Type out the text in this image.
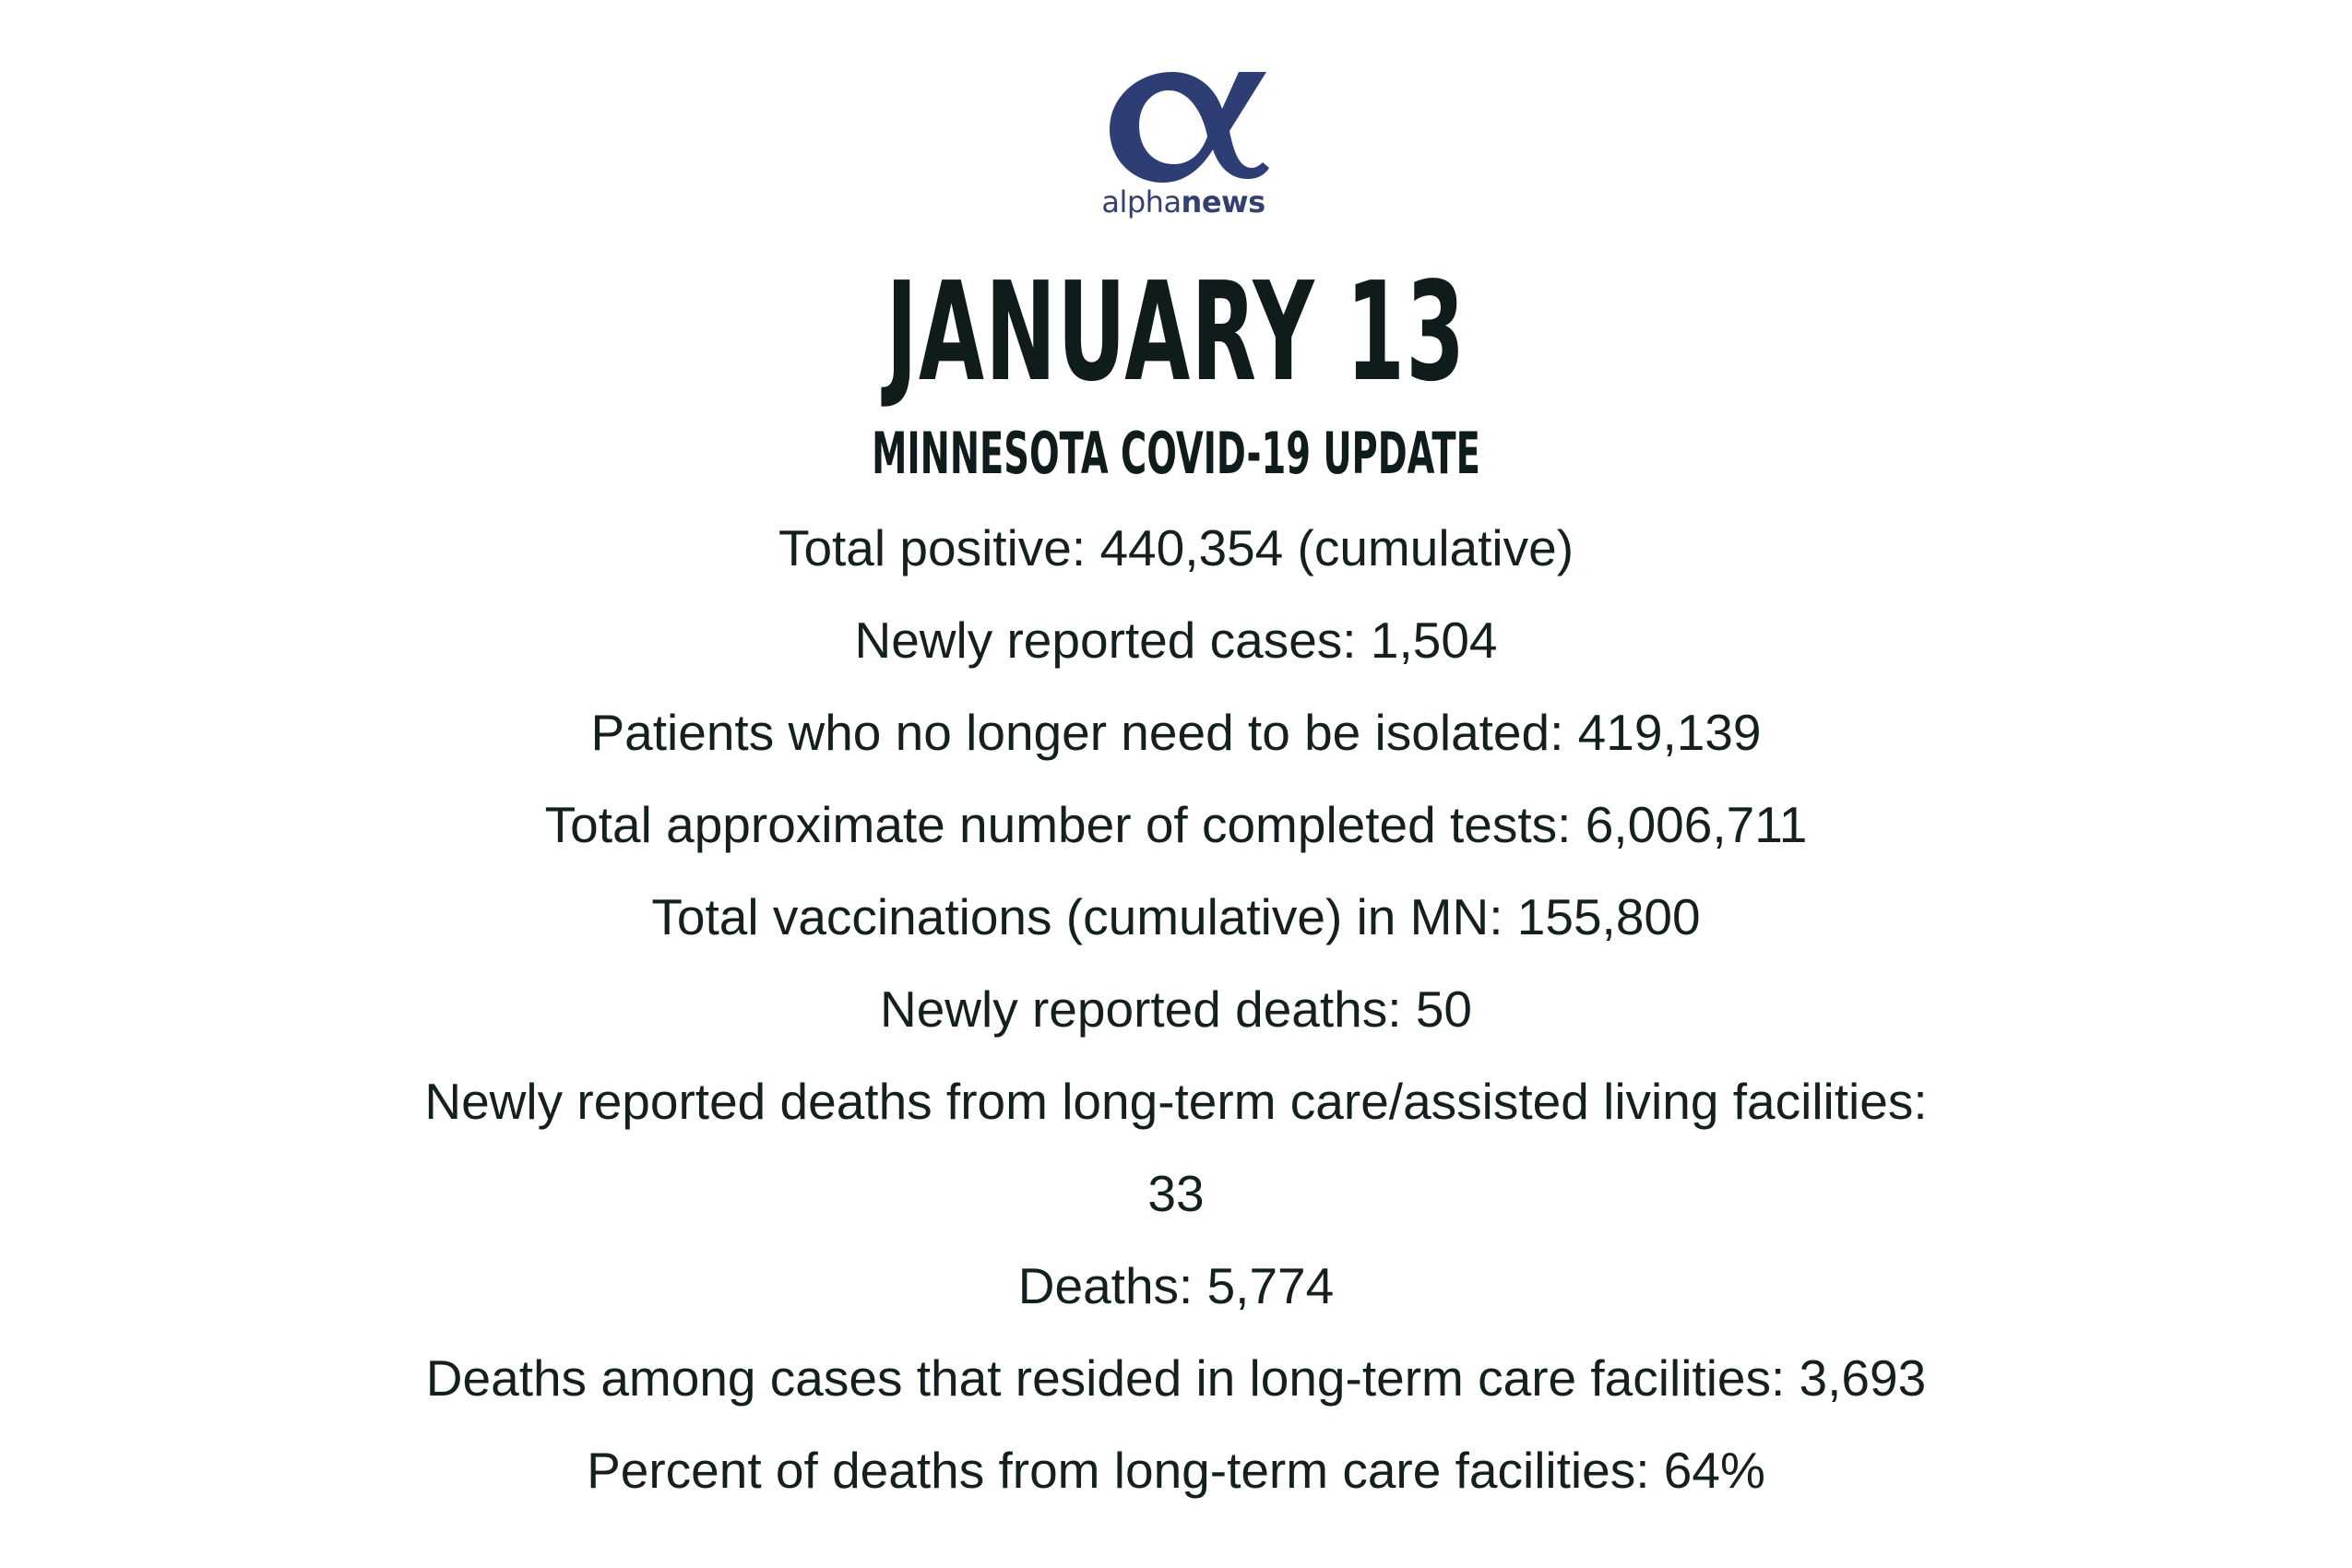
alphanews
JANUARY 13
MINNESOTA COVID-19 UPDATE
Total positive: 440,354 (cumulative)
Newly reported cases: 1,504
Patients who no longer need to be isolated: 419,139
Total approximate number of completed tests: 6,006,711
Total vaccinations (cumulative) in MN: 155,800
Newly reported deaths: 50
Newly reported deaths from long-term care/assisted living facilities:
33
Deaths: 5,774
Deaths among cases that resided in long-term care facilities: 3,693
Percent of deaths from long-term care facilities: 64%
